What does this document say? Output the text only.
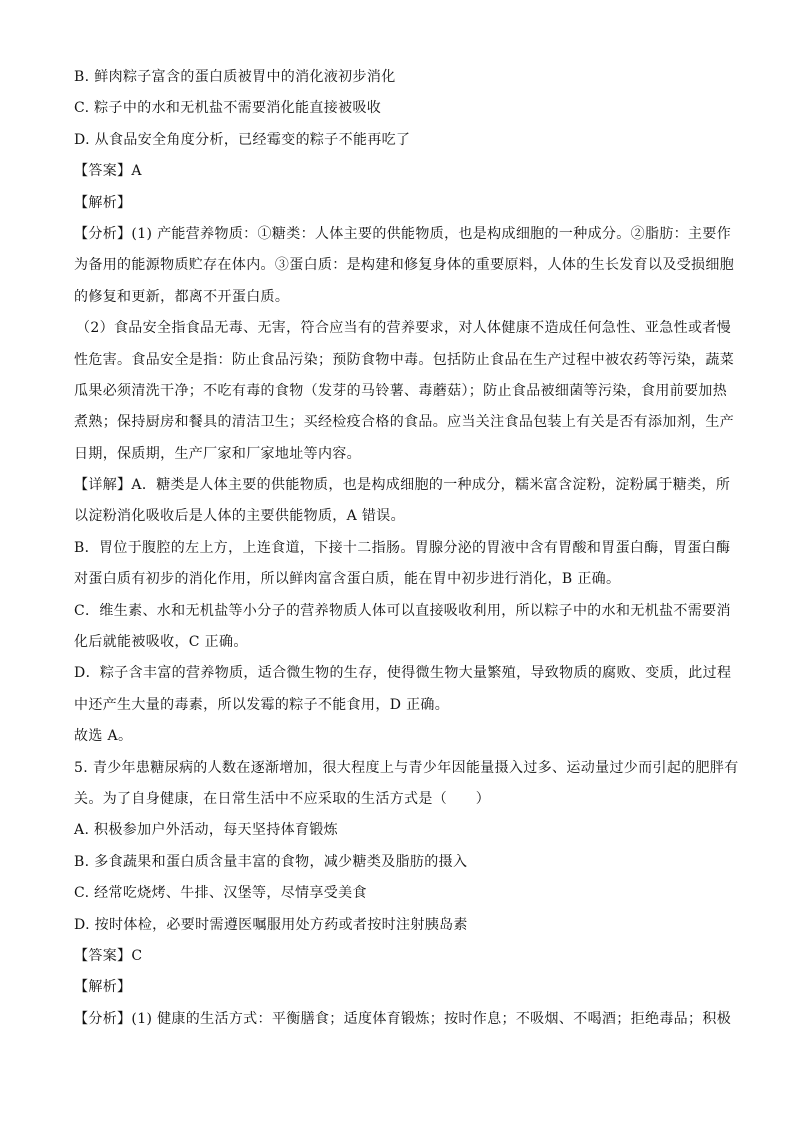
B. 鲜肉粽子富含的蛋白质被胃中的消化液初步消化
C. 粽子中的水和无机盐不需要消化能直接被吸收
D. 从食品安全角度分析，已经霉变的粽子不能再吃了
【答案】A
【解析】
【分析】(1) 产能营养物质：①糖类：人体主要的供能物质，也是构成细胞的一种成分。②脂肪：主要作
为备用的能源物质贮存在体内。③蛋白质：是构建和修复身体的重要原料，人体的生长发育以及受损细胞
的修复和更新，都离不开蛋白质。
（2）食品安全指食品无毒、无害，符合应当有的营养要求，对人体健康不造成任何急性、亚急性或者慢
性危害。食品安全是指：防止食品污染；预防食物中毒。包括防止食品在生产过程中被农药等污染，蔬菜
瓜果必须清洗干净；不吃有毒的食物（发芽的马铃薯、毒蘑菇）；防止食品被细菌等污染，食用前要加热
煮熟；保持厨房和餐具的清洁卫生；买经检疫合格的食品。应当关注食品包装上有关是否有添加剂，生产
日期，保质期，生产厂家和厂家地址等内容。
【详解】A．糖类是人体主要的供能物质，也是构成细胞的一种成分，糯米富含淀粉，淀粉属于糖类，所
以淀粉消化吸收后是人体的主要供能物质，A 错误。
B．胃位于腹腔的左上方，上连食道，下接十二指肠。胃腺分泌的胃液中含有胃酸和胃蛋白酶，胃蛋白酶
对蛋白质有初步的消化作用，所以鲜肉富含蛋白质，能在胃中初步进行消化，B 正确。
C．维生素、水和无机盐等小分子的营养物质人体可以直接吸收利用，所以粽子中的水和无机盐不需要消
化后就能被吸收，C 正确。
D．粽子含丰富的营养物质，适合微生物的生存，使得微生物大量繁殖，导致物质的腐败、变质，此过程
中还产生大量的毒素，所以发霉的粽子不能食用，D 正确。
故选 A。
5. 青少年患糖尿病的人数在逐渐增加，很大程度上与青少年因能量摄入过多、运动量过少而引起的肥胖有
关。为了自身健康，在日常生活中不应采取的生活方式是（　　）
A. 积极参加户外活动，每天坚持体育锻炼
B. 多食蔬果和蛋白质含量丰富的食物，减少糖类及脂肪的摄入
C. 经常吃烧烤、牛排、汉堡等，尽情享受美食
D. 按时体检，必要时需遵医嘱服用处方药或者按时注射胰岛素
【答案】C
【解析】
【分析】(1) 健康的生活方式：平衡膳食；适度体育锻炼；按时作息；不吸烟、不喝酒；拒绝毒品；积极
